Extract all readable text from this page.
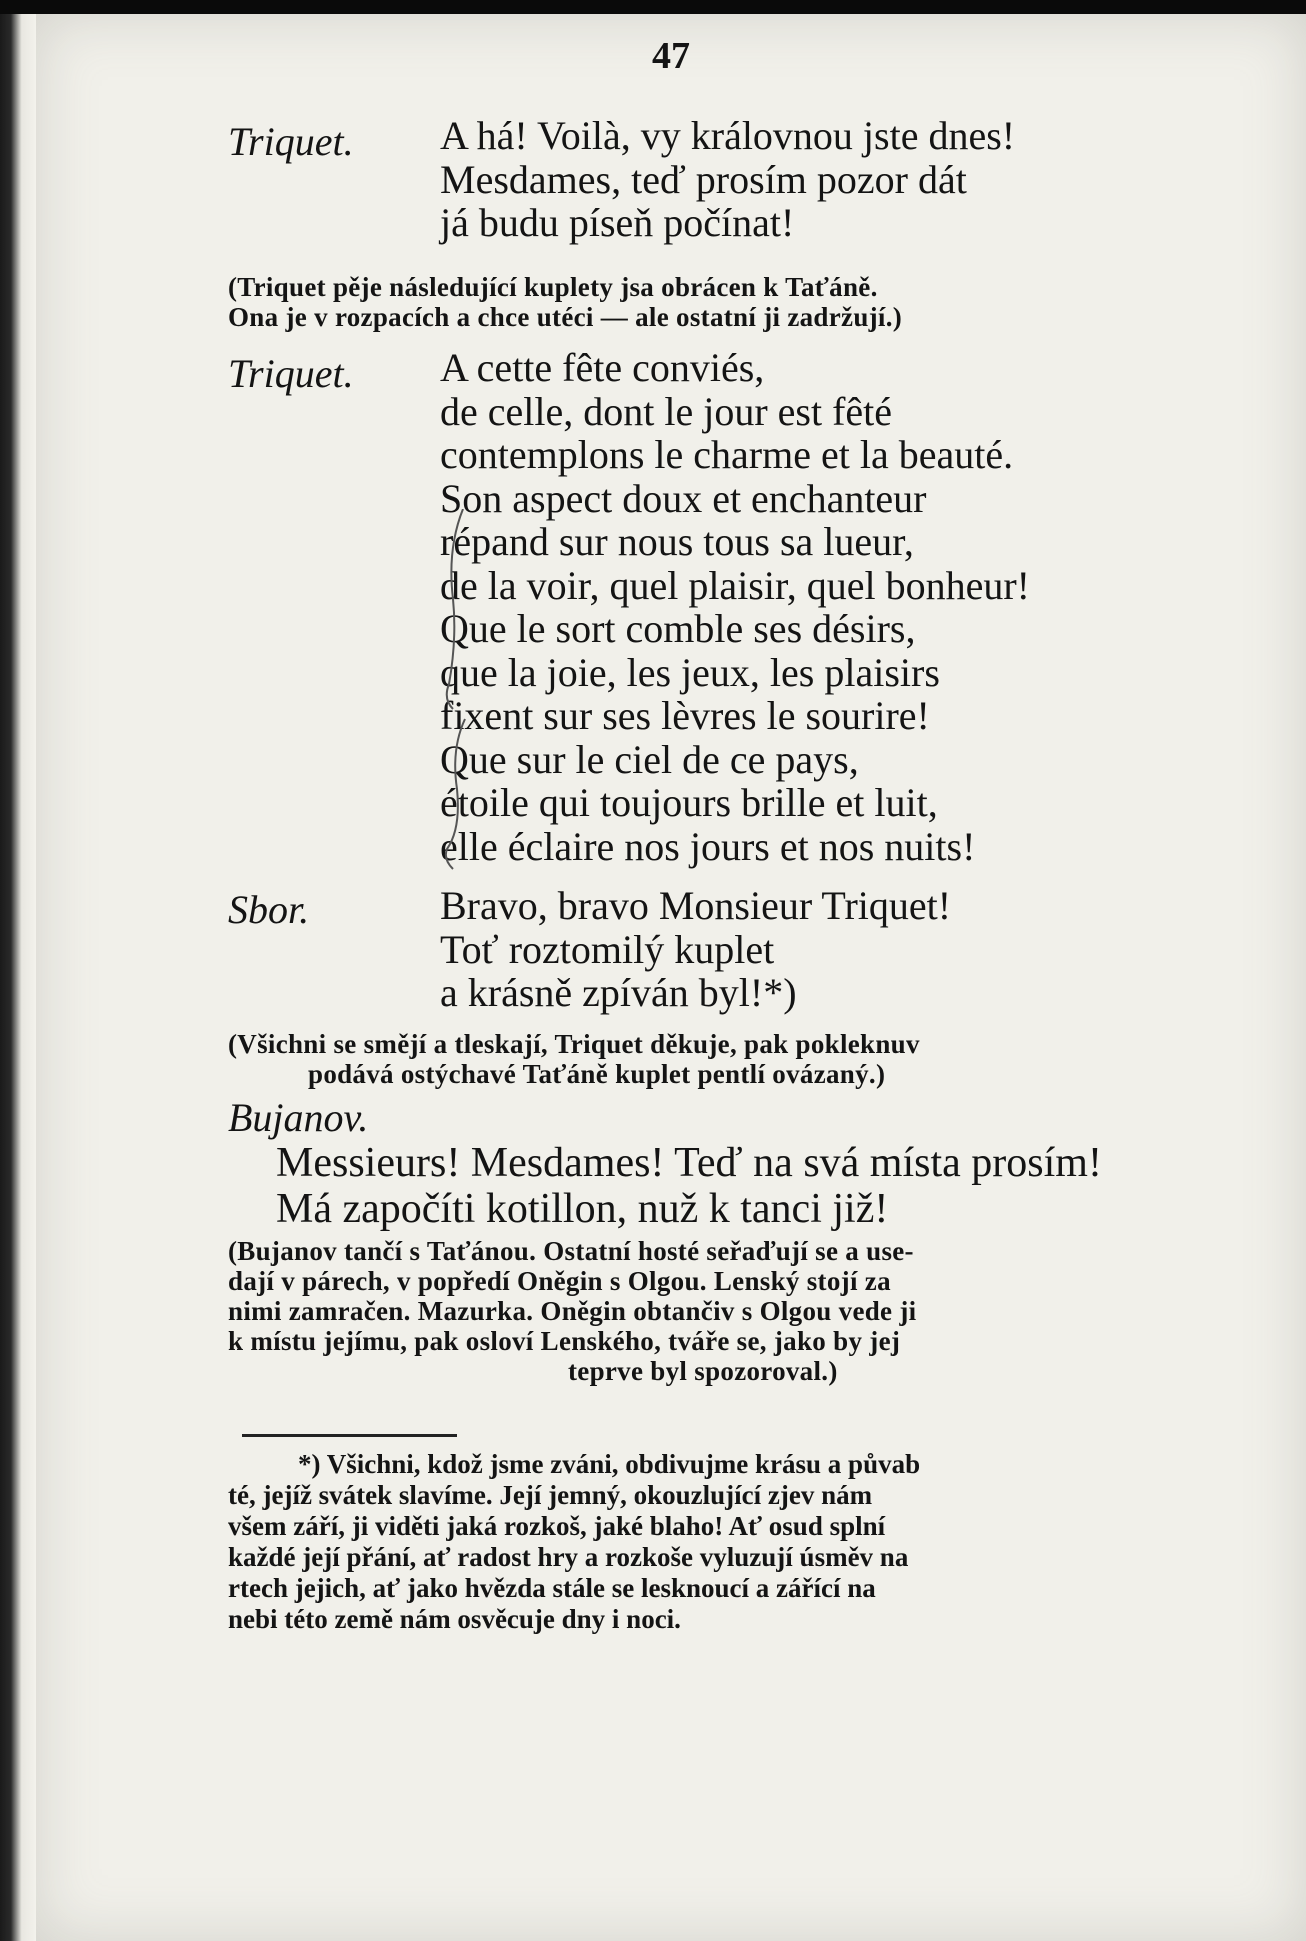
47
Triquet. A há! Voilà, vy královnou jste dnes!
Mesdames, teď prosím pozor dát
já budu píseň počínat!
(Triquet pěje následující kuplety jsa obrácen k Taťáně.
Ona je v rozpacích a chce utéci — ale ostatní ji zadržují.)
Triquet. A cette fête conviés,
de celle, dont le jour est fêté
contemplons le charme et la beauté.
Son aspect doux et enchanteur
répand sur nous tous sa lueur,
de la voir, quel plaisir, quel bonheur!
Que le sort comble ses désirs,
que la joie, les jeux, les plaisirs
fixent sur ses lèvres le sourire!
Que sur le ciel de ce pays,
étoile qui toujours brille et luit,
elle éclaire nos jours et nos nuits!
Sbor.	Bravo, bravo Monsieur Triquet!
Toť roztomilý kuplet
a krásně zpíván byl!*)
(Všichni se smějí a tleskají, Triquet děkuje, pak pokleknuv
podává ostýchavé Taťáně kuplet pentlí ovázaný.)
Bujanov.
Messieurs! Mesdames! Teď na svá místa prosím!
Má započíti kotillon, nuž k tanci již!
(Bujanov tančí s Taťánou. Ostatní hosté seřaďují se a use-
dají v párech, v popředí Oněgin s Olgou. Lenský stojí za
nimi zamračen. Mazurka. Oněgin obtančiv s Olgou vede ji
k místu jejímu, pak osloví Lenského, tváře se, jako by jej
teprve byl spozoroval.)
*) Všichni, kdož jsme zváni, obdivujme krásu a půvab
té, jejíž svátek slavíme. Její jemný, okouzlující zjev nám
všem září, ji viděti jaká rozkoš, jaké blaho! Ať osud splní
každé její přání, ať radost hry a rozkoše vyluzují úsměv na
rtech jejich, ať jako hvězda stále se lesknoucí a zářící na
nebi této země nám osvěcuje dny i noci.
